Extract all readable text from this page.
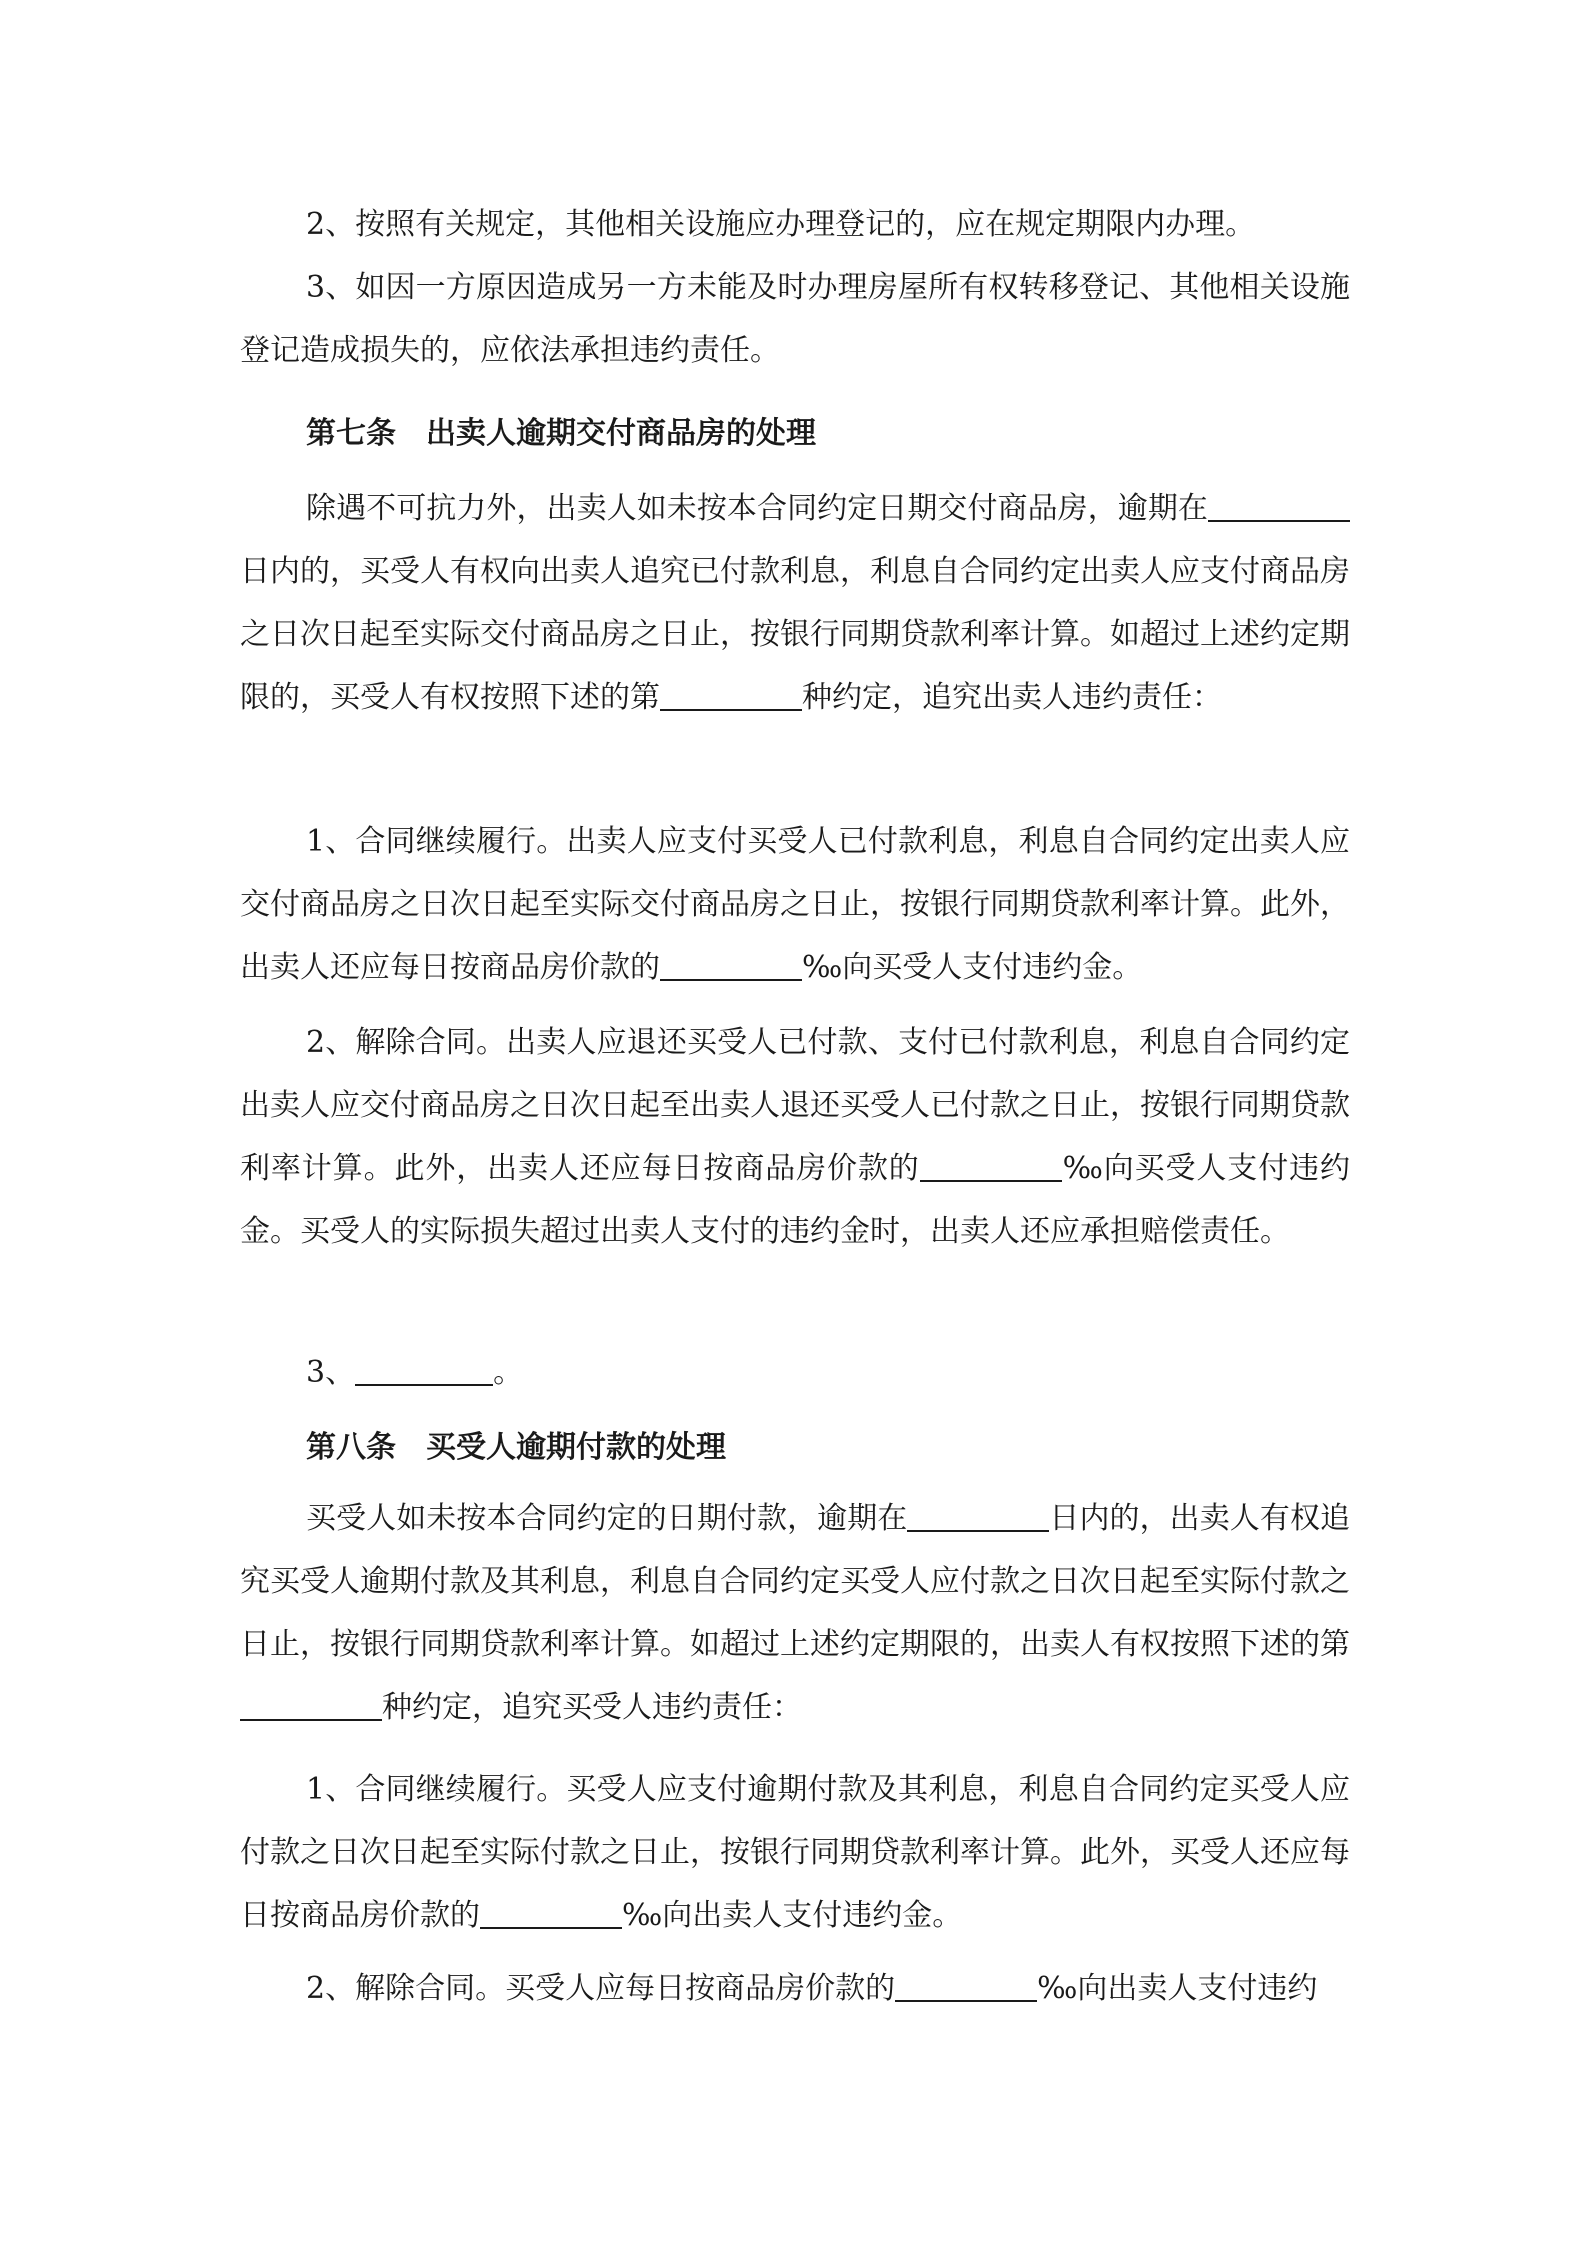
2、按照有关规定，其他相关设施应办理登记的，应在规定期限内办理。

3、如因一方原因造成另一方未能及时办理房屋所有权转移登记、其他相关设施登记造成损失的，应依法承担违约责任。

第七条　出卖人逾期交付商品房的处理

除遇不可抗力外，出卖人如未按本合同约定日期交付商品房，逾期在日内的，买受人有权向出卖人追究已付款利息，利息自合同约定出卖人应支付商品房之日次日起至实际交付商品房之日止，按银行同期贷款利率计算。如超过上述约定期限的，买受人有权按照下述的第	种约定，追究出卖人违约责任：

1、合同继续履行。出卖人应支付买受人已付款利息，利息自合同约定出卖人应交付商品房之日次日起至实际交付商品房之日止，按银行同期贷款利率计算。此外，出卖人还应每日按商品房价款的	‰向买受人支付违约金。

2、解除合同。出卖人应退还买受人已付款、支付已付款利息，利息自合同约定出卖人应交付商品房之日次日起至出卖人退还买受人已付款之日止，按银行同期贷款利率计算。此外，出卖人还应每日按商品房价款的	‰向买受人支付违约金。买受人的实际损失超过出卖人支付的违约金时，出卖人还应承担赔偿责任。

3、	。

第八条　买受人逾期付款的处理

买受人如未按本合同约定的日期付款，逾期在	日内的，出卖人有权追究买受人逾期付款及其利息，利息自合同约定买受人应付款之日次日起至实际付款之日止，按银行同期贷款利率计算。如超过上述约定期限的，出卖人有权按照下述的第种约定，追究买受人违约责任：

1、合同继续履行。买受人应支付逾期付款及其利息，利息自合同约定买受人应付款之日次日起至实际付款之日止，按银行同期贷款利率计算。此外，买受人还应每日按商品房价款的	‰向出卖人支付违约金。

2、解除合同。买受人应每日按商品房价款的	‰向出卖人支付违约
